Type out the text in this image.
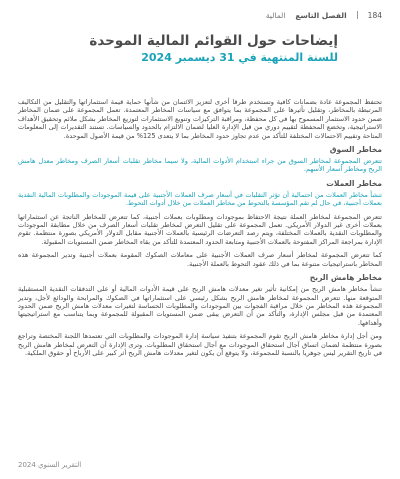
184
الفصل التاسع
المالية
إيضاحات حول القوائم المالية الموحدة
للسنة المنتهية في 31 ديسمبر 2024

تحتفظ المجموعة عادة بضمانات كافية وتستخدم طرقا أخرى لتعزيز الائتمان من شأنها حماية قيمة استثماراتها والتقليل من التكاليف المرتبطة بالمخاطر، وتقليل تأثيرها على المجموعة بما يتوافق مع سياسات المخاطر المعتمدة. تعمل المجموعة على ضمان المخاطر ضمن حدود الاستثمار المسموح بها في كل محفظة، ومراقبة التركيزات وتنويع الاستثمارات لتوزيع المخاطر بشكل ملائم وتحقيق الأهداف الاستراتيجية، وتخضع المحفظة لتقييم دوري من قبل الإدارة العليا لضمان الالتزام بالحدود والسياسات. تستند التقديرات إلى المعلومات المتاحة وتقييم الاحتمالات المختلفة للتأكد من عدم تجاوز حدود المخاطر بما لا يتعدى 125% من قيمة الأصول الموحدة.

مخاطر السوق

تتعرض المجموعة لمخاطر السوق من جراء استخدام الأدوات المالية، ولا سيما مخاطر تقلبات أسعار الصرف ومخاطر معدل هامش الربح ومخاطر أسعار الأسهم.

مخاطر العملات

تنشأ مخاطر العملات من احتمالية أن تؤثر التقلبات في أسعار صرف العملات الأجنبية على قيمة الموجودات والمطلوبات المالية النقدية بعملات أجنبية، في حال لم تقم المؤسسة بالتحوط من مخاطر العملات من خلال أدوات التحوط.

تتعرض المجموعة لمخاطر العملة نتيجة الاحتفاظ بموجودات ومطلوبات بعملات أجنبية، كما تتعرض للمخاطر الناتجة عن استثماراتها بعملات أخرى غير الدولار الأمريكي. تعمل المجموعة على تقليل التعرض لمخاطر تقلبات أسعار الصرف من خلال مطابقة الموجودات والمطلوبات النقدية بالعملات المختلفة، ويتم رصد التعرضات الرئيسية بالعملات الأجنبية مقابل الدولار الأمريكي بصورة منتظمة. تقوم الإدارة بمراجعة المراكز المفتوحة بالعملات الأجنبية ومتابعة الحدود المعتمدة للتأكد من بقاء المخاطر ضمن المستويات المقبولة.

كما تتعرض المجموعة لمخاطر أسعار صرف العملات الأجنبية على معاملات الصكوك المقومة بعملات أجنبية وتدير المجموعة هذه المخاطر باستراتيجيات متنوعة بما في ذلك عقود التحوط بالعملة الأجنبية.

مخاطر هامش الربح

تنشأ مخاطر هامش الربح من إمكانية تأثير تغير معدلات هامش الربح على قيمة الأدوات المالية أو على التدفقات النقدية المستقبلية المتوقعة منها. تتعرض المجموعة لمخاطر هامش الربح بشكل رئيسي على استثماراتها في الصكوك والمرابحة والودائع لأجل، وتدير المجموعة هذه المخاطر من خلال مراقبة الفجوات بين الموجودات والمطلوبات الحساسة لتغيرات معدلات هامش الربح ضمن الحدود المعتمدة من قبل مجلس الإدارة، والتأكد من أن التعرض يبقى ضمن المستويات المقبولة للمجموعة وبما يتناسب مع استراتيجيتها وأهدافها.

ومن أجل إدارة مخاطر هامش الربح تقوم المجموعة بتنفيذ سياسة إدارة الموجودات والمطلوبات التي تعتمدها اللجنة المختصة وتراجع بصورة منتظمة لضمان اتساق آجال استحقاق الموجودات مع آجال استحقاق المطلوبات. وترى الإدارة أن التعرض لمخاطر هامش الربح في تاريخ التقرير ليس جوهريا بالنسبة للمجموعة، ولا يتوقع أن يكون لتغير معدلات هامش الربح أثر كبير على الأرباح أو حقوق الملكية.

التقرير السنوي 2024
